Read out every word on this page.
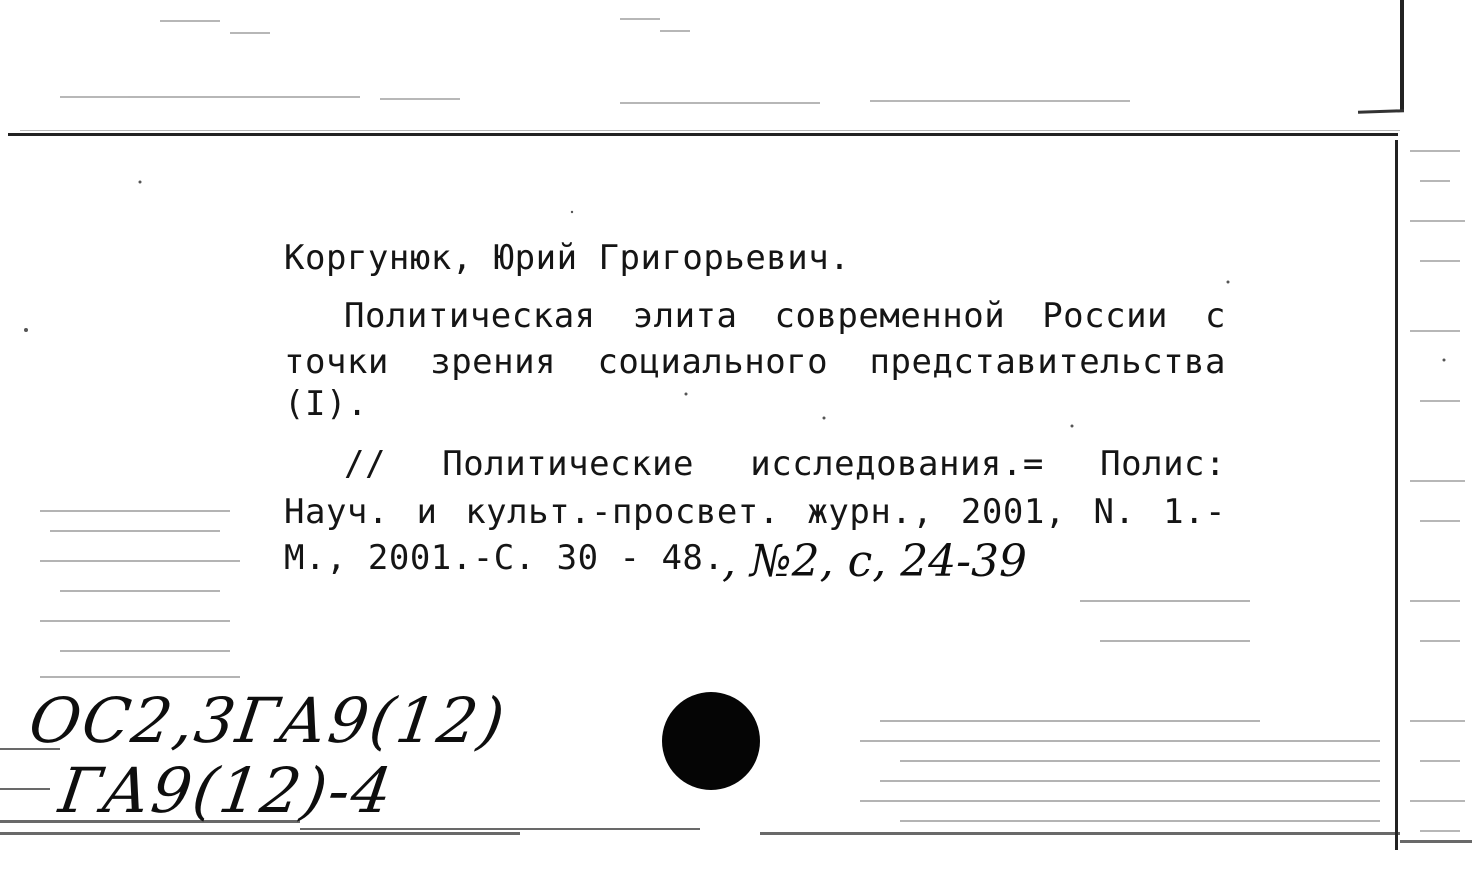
Коргунюк, Юрий Григорьевич.
Политическая элита современной России с
точки зрения социального представительства
(I).
// Политические исследования.= Полис:
Науч. и культ.-просвет. журн., 2001, N. 1.-
М., 2001.-С. 30 - 48.
, №2, с, 24-39
ОС2,3ГА9(12)
ГА9(12)-4
